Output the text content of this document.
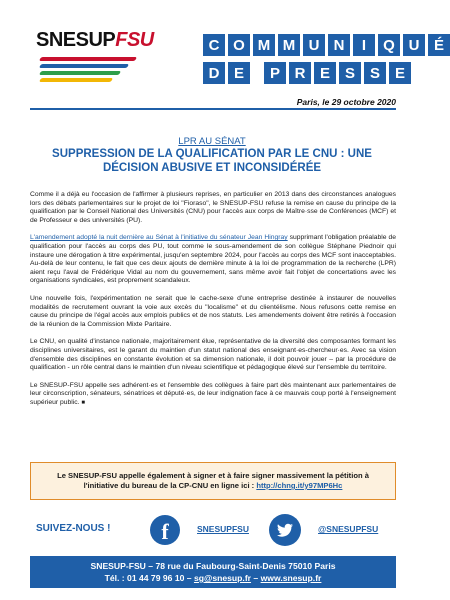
SNESUPFSU	C O M M U N	I	Q U É
D E	P R E S S E
Paris, le 29 octobre 2020
LPR AU SÉNAT
SUPPRESSION DE LA QUALIFICATION PAR LE CNU : UNE DÉCISION ABUSIVE ET INCONSIDÉRÉE

Comme il a déjà eu l'occasion de l'affirmer à plusieurs reprises, en particulier en 2013 dans des circonstances analogues lors des débats parlementaires sur le projet de loi "Fioraso", le SNESUP-FSU refuse la remise en cause du principe de la qualification par le Conseil National des Universités (CNU) pour l'accès aux corps de Maître·sse de Conférences (MCF) et de Professeur e des universités (PU).

L'amendement adopté la nuit dernière au Sénat à l'initiative du sénateur Jean Hingray supprimant l'obligation préalable de qualification pour l'accès au corps des PU, tout comme le sous-amendement de son collègue Stéphane Piednoir qui instaure une dérogation à titre expérimental, jusqu'en septembre 2024, pour l'accès au corps des MCF sont inacceptables. Au-delà de leur contenu, le fait que ces deux ajouts de dernière minute à la loi de programmation de la recherche (LPR) aient reçu l'aval de Frédérique Vidal au nom du gouvernement, sans même avoir fait l'objet de concertations avec les organisations syndicales, est proprement scandaleux.

Une nouvelle fois, l'expérimentation ne serait que le cache-sexe d'une entreprise destinée à instaurer de nouvelles modalités de recrutement ouvrant la voie aux excès du "localisme" et du clientélisme. Nous refusons cette remise en cause du principe de l'égal accès aux emplois publics et de nos statuts. Les amendements doivent être retirés à l'occasion de la réunion de la Commission Mixte Paritaire.

Le CNU, en qualité d'instance nationale, majoritairement élue, représentative de la diversité des composantes formant les disciplines universitaires, est le garant du maintien d'un statut national des enseignant·es-chercheur·es. Avec sa vision d'ensemble des disciplines en constante évolution et sa dimension nationale, il doit pouvoir jouer – par la procédure de qualification - un rôle central dans le maintien d'un niveau scientifique et pédagogique élevé sur l'ensemble du territoire.

Le SNESUP-FSU appelle ses adhérent·es et l'ensemble des collègues à faire part dès maintenant aux parlementaires de leur circonscription, sénateurs, sénatrices et député·es, de leur indignation face à ce mauvais coup porté à l'enseignement supérieur public. ■

Le SNESUP-FSU appelle également à signer et à faire signer massivement la pétition à l'initiative du bureau de la CP-CNU en ligne ici : http://chng.it/y97MP6Hc
SUIVEZ-NOUS !	f	SNESUPFSU	@SNESUPFSU
SNESUP-FSU – 78 rue du Faubourg-Saint-Denis 75010 Paris
Tél. : 01 44 79 96 10 – sg@snesup.fr – www.snesup.fr
